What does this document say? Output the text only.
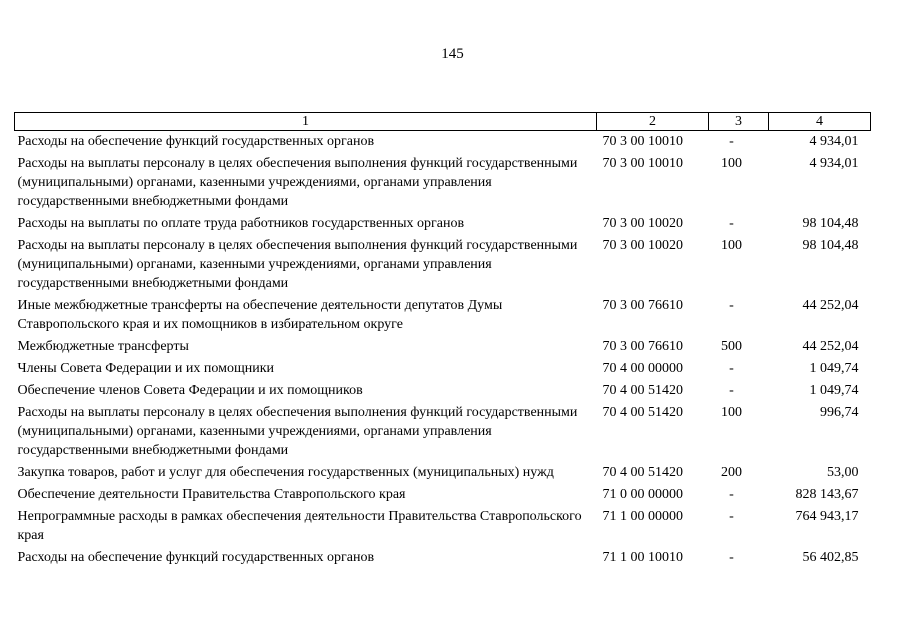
145
1	2	3	4
Расходы на обеспечение функций государственных органов	70 3 00 10010	-	4 934,01
Расходы на выплаты персоналу в целях обеспечения выполнения функций государственными (муниципальными) органами, казенными учреждениями, органами управления государственными внебюджетными фондами	70 3 00 10010	100	4 934,01
Расходы на выплаты по оплате труда работников государственных органов	70 3 00 10020	-	98 104,48
Расходы на выплаты персоналу в целях обеспечения выполнения функций государственными (муниципальными) органами, казенными учреждениями, органами управления государственными внебюджетными фондами	70 3 00 10020	100	98 104,48
Иные межбюджетные трансферты на обеспечение деятельности депутатов Думы Ставропольского края и их помощников в избирательном округе	70 3 00 76610	-	44 252,04
Межбюджетные трансферты	70 3 00 76610	500	44 252,04
Члены Совета Федерации и их помощники	70 4 00 00000	-	1 049,74
Обеспечение членов Совета Федерации и их помощников	70 4 00 51420	-	1 049,74
Расходы на выплаты персоналу в целях обеспечения выполнения функций государственными (муниципальными) органами, казенными учреждениями, органами управления государственными внебюджетными фондами	70 4 00 51420	100	996,74
Закупка товаров, работ и услуг для обеспечения государственных (муниципальных) нужд	70 4 00 51420	200	53,00
Обеспечение деятельности Правительства Ставропольского края	71 0 00 00000	-	828 143,67
Непрограммные расходы в рамках обеспечения деятельности Правительства Ставропольского края	71 1 00 00000	-	764 943,17
Расходы на обеспечение функций государственных органов	71 1 00 10010	-	56 402,85
